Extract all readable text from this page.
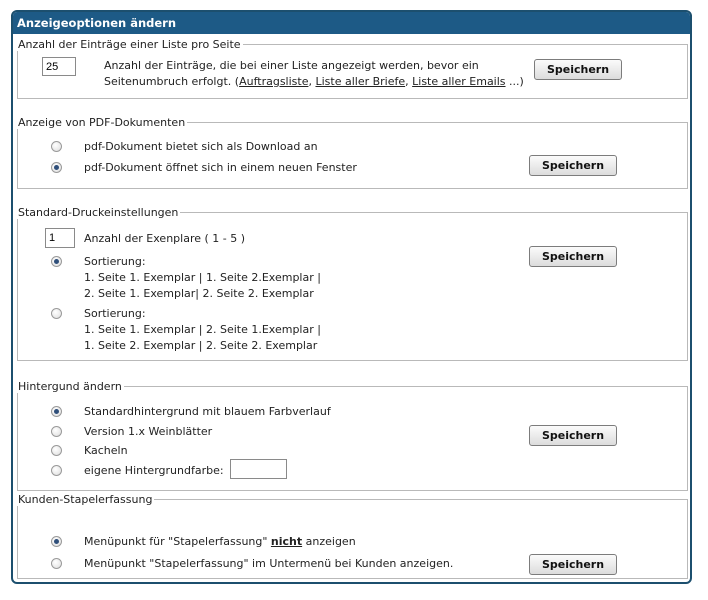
Anzeigeoptionen ändern
Anzahl der Einträge einer Liste pro Seite
25
Anzahl der Einträge, die bei einer Liste angezeigt werden, bevor ein
Seitenumbruch erfolgt. (Auftragsliste, Liste aller Briefe, Liste aller Emails ...)
Speichern
Anzeige von PDF-Dokumenten
pdf-Dokument bietet sich als Download an
pdf-Dokument öffnet sich in einem neuen Fenster	Speichern
Standard-Druckeinstellungen
1
Anzahl der Exenplare ( 1 - 5 )
Sortierung:
1. Seite 1. Exemplar | 1. Seite 2.Exemplar |
2. Seite 1. Exemplar| 2. Seite 2. Exemplar
Sortierung:
1. Seite 1. Exemplar | 2. Seite 1.Exemplar |
1. Seite 2. Exemplar | 2. Seite 2. Exemplar
Speichern
Hintergund ändern
Standardhintergrund mit blauem Farbverlauf
Version 1.x Weinblätter
Kacheln
eigene Hintergrundfarbe:
Speichern
Kunden-Stapelerfassung
Menüpunkt für "Stapelerfassung" nicht anzeigen
Menüpunkt "Stapelerfassung" im Untermenü bei Kunden anzeigen.	Speichern
